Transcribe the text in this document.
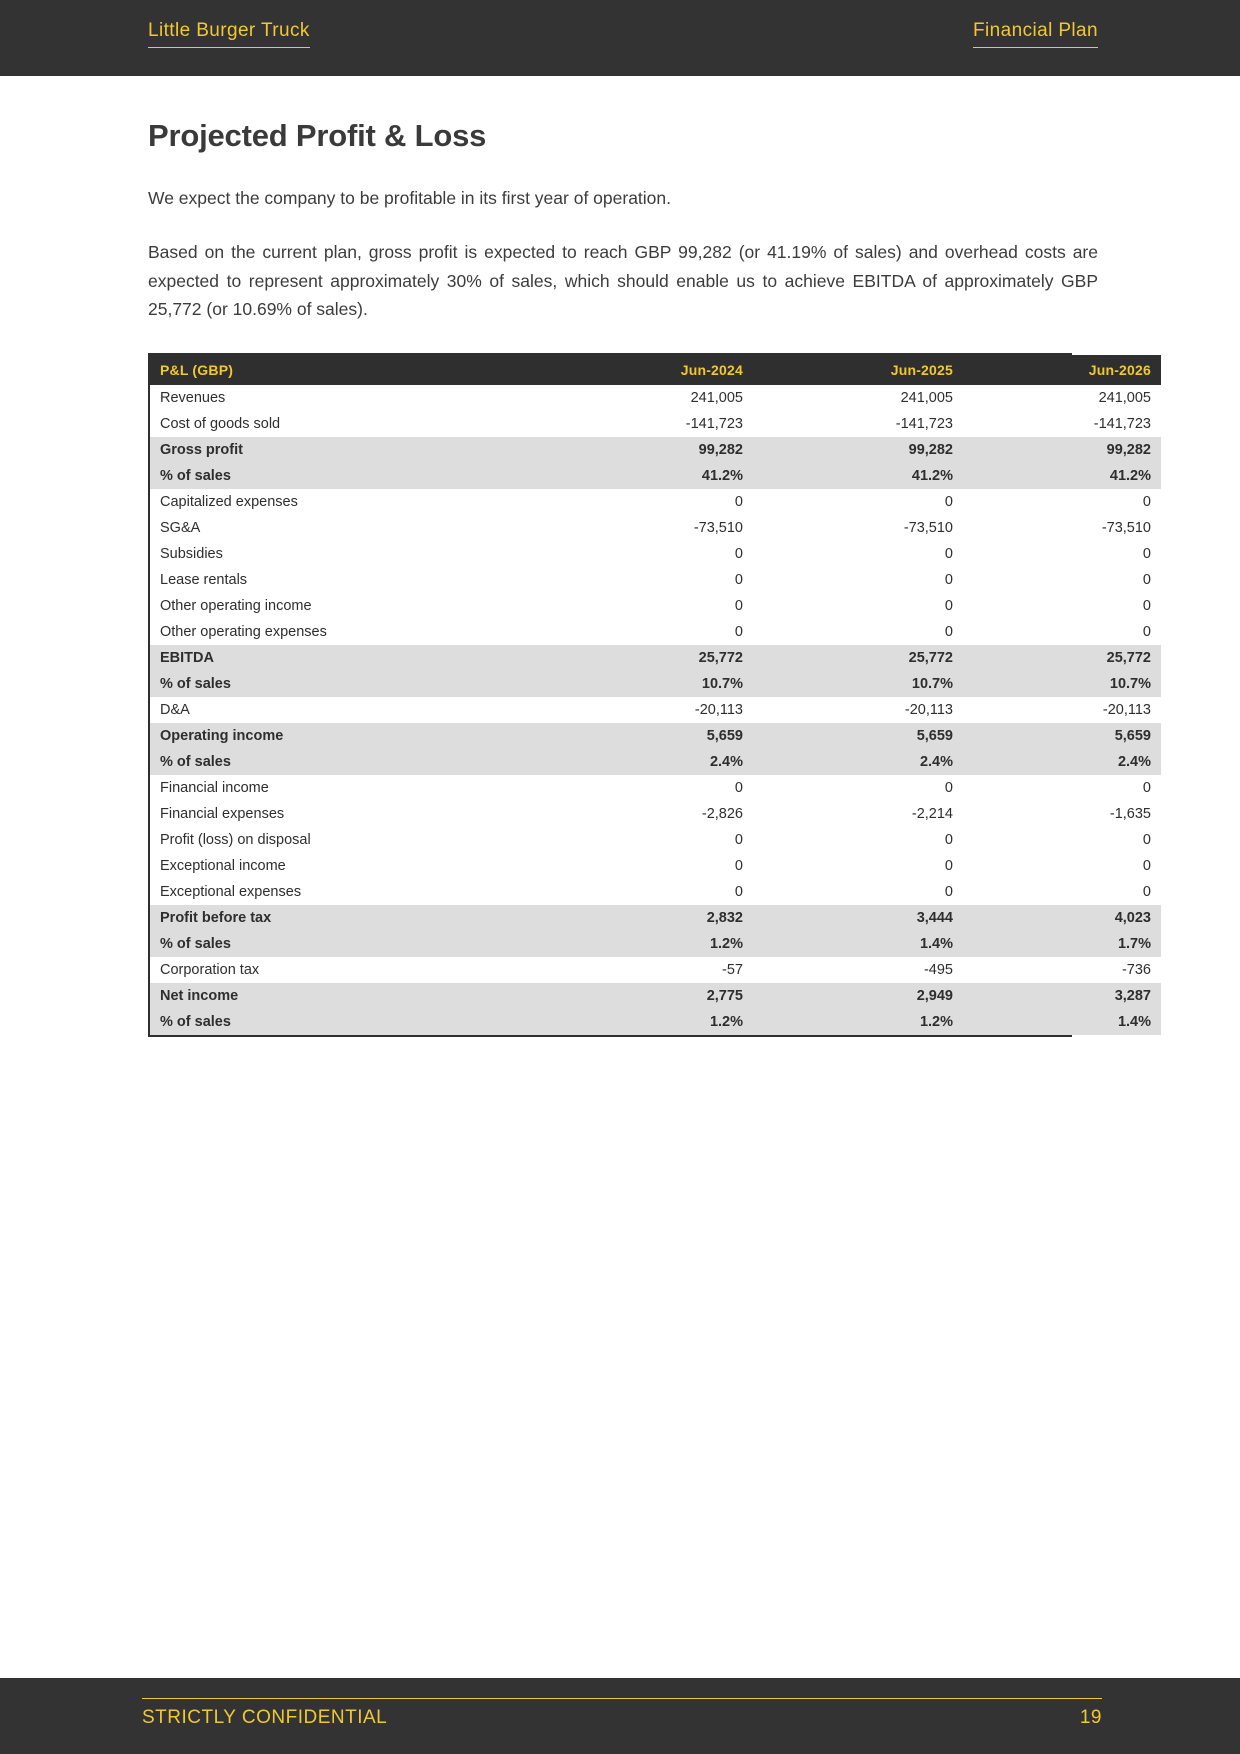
Little Burger Truck	Financial Plan
Projected Profit & Loss

We expect the company to be profitable in its first year of operation.

Based on the current plan, gross profit is expected to reach GBP 99,282 (or 41.19% of sales) and overhead costs are expected to represent approximately 30% of sales, which should enable us to achieve EBITDA of approximately GBP 25,772 (or 10.69% of sales).

P&L (GBP)	Jun-2024	Jun-2025	Jun-2026
Revenues	241,005	241,005	241,005
Cost of goods sold	-141,723	-141,723	-141,723
Gross profit	99,282	99,282	99,282
% of sales	41.2%	41.2%	41.2%
Capitalized expenses	0	0	0
SG&A	-73,510	-73,510	-73,510
Subsidies	0	0	0
Lease rentals	0	0	0
Other operating income	0	0	0
Other operating expenses	0	0	0
EBITDA	25,772	25,772	25,772
% of sales	10.7%	10.7%	10.7%
D&A	-20,113	-20,113	-20,113
Operating income	5,659	5,659	5,659
% of sales	2.4%	2.4%	2.4%
Financial income	0	0	0
Financial expenses	-2,826	-2,214	-1,635
Profit (loss) on disposal	0	0	0
Exceptional income	0	0	0
Exceptional expenses	0	0	0
Profit before tax	2,832	3,444	4,023
% of sales	1.2%	1.4%	1.7%
Corporation tax	-57	-495	-736
Net income	2,775	2,949	3,287
% of sales	1.2%	1.2%	1.4%
STRICTLY CONFIDENTIAL	19
